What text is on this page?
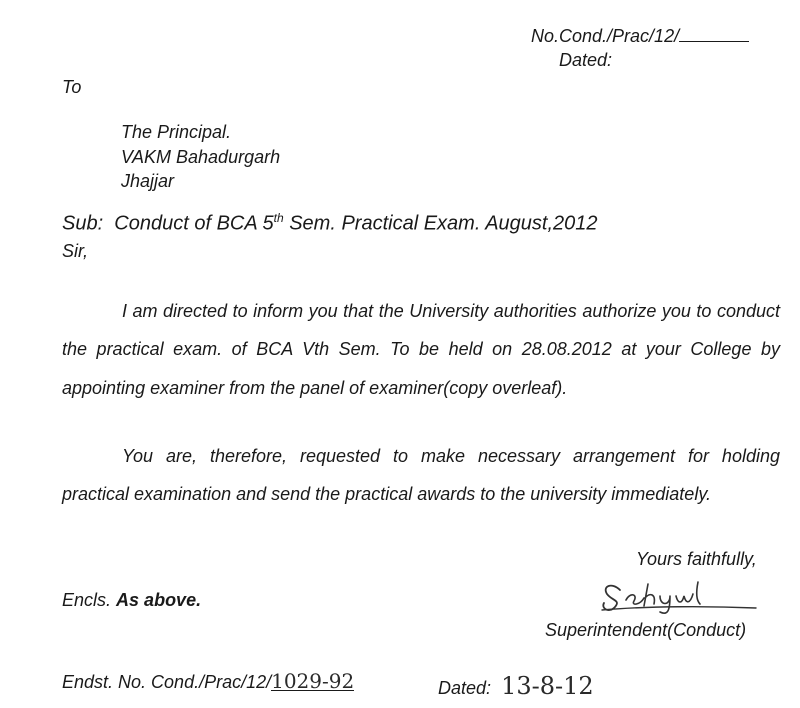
No.Cond./Prac/12/
Dated:
To
The Principal.
VAKM Bahadurgarh
Jhajjar
Sub: Conduct of BCA 5th Sem. Practical Exam. August,2012
Sir,
I am directed to inform you that the University authorities authorize you to conduct the practical exam. of BCA Vth Sem. To be held on 28.08.2012 at your College by appointing examiner from the panel of examiner(copy overleaf).
You are, therefore, requested to make necessary arrangement for holding practical examination and send the practical awards to the university immediately.
Yours faithfully,
Encls. As above.
Superintendent(Conduct)
Endst. No. Cond./Prac/12/1029-92	Dated: 13-8-12
